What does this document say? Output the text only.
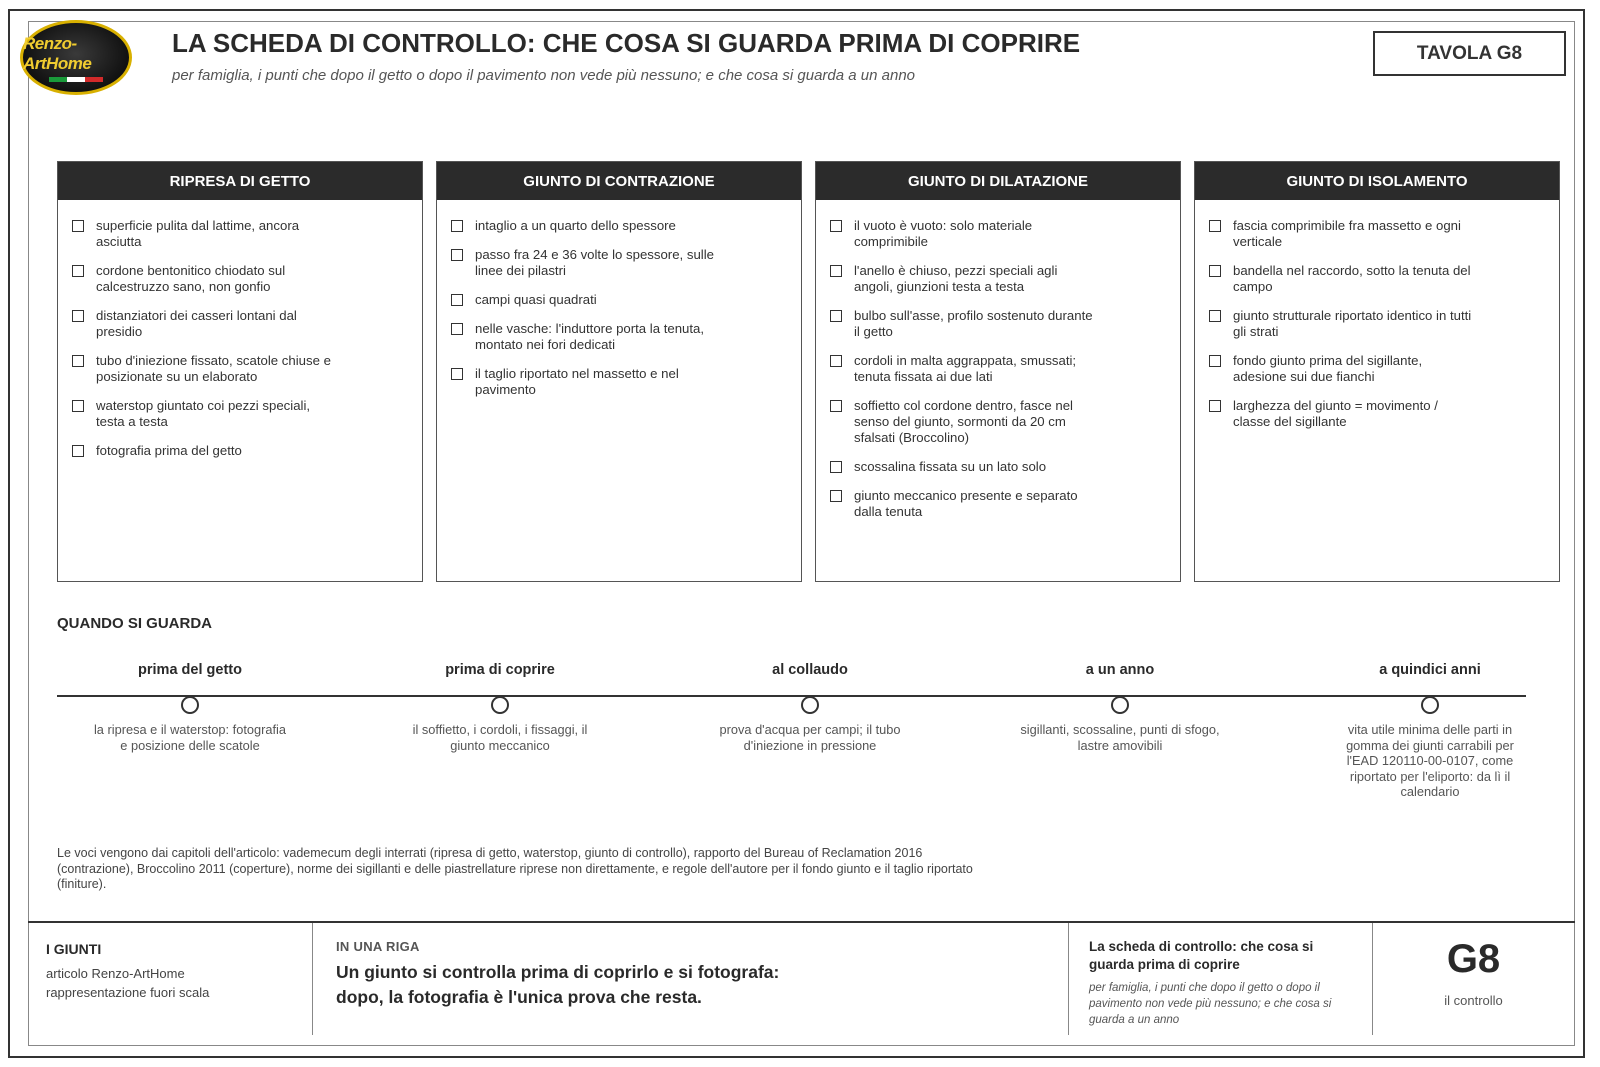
Renzo-ArtHome
LA SCHEDA DI CONTROLLO: CHE COSA SI GUARDA PRIMA DI COPRIRE
per famiglia, i punti che dopo il getto o dopo il pavimento non vede più nessuno; e che cosa si guarda a un anno
TAVOLA G8
RIPRESA DI GETTO
superficie pulita dal lattime, ancora asciutta
cordone bentonitico chiodato sul calcestruzzo sano, non gonfio
distanziatori dei casseri lontani dal presidio
tubo d'iniezione fissato, scatole chiuse e posizionate su un elaborato
waterstop giuntato coi pezzi speciali, testa a testa
fotografia prima del getto
GIUNTO DI CONTRAZIONE
intaglio a un quarto dello spessore
passo fra 24 e 36 volte lo spessore, sulle linee dei pilastri
campi quasi quadrati
nelle vasche: l'induttore porta la tenuta, montato nei fori dedicati
il taglio riportato nel massetto e nel pavimento
GIUNTO DI DILATAZIONE
il vuoto è vuoto: solo materiale comprimibile
l'anello è chiuso, pezzi speciali agli angoli, giunzioni testa a testa
bulbo sull'asse, profilo sostenuto durante il getto
cordoli in malta aggrappata, smussati; tenuta fissata ai due lati
soffietto col cordone dentro, fasce nel senso del giunto, sormonti da 20 cm sfalsati (Broccolino)
scossalina fissata su un lato solo
giunto meccanico presente e separato dalla tenuta
GIUNTO DI ISOLAMENTO
fascia comprimibile fra massetto e ogni verticale
bandella nel raccordo, sotto la tenuta del campo
giunto strutturale riportato identico in tutti gli strati
fondo giunto prima del sigillante, adesione sui due fianchi
larghezza del giunto = movimento / classe del sigillante
QUANDO SI GUARDA
prima del getto
la ripresa e il waterstop: fotografia e posizione delle scatole
prima di coprire
il soffietto, i cordoli, i fissaggi, il giunto meccanico
al collaudo
prova d'acqua per campi; il tubo d'iniezione in pressione
a un anno
sigillanti, scossaline, punti di sfogo, lastre amovibili
a quindici anni
vita utile minima delle parti in gomma dei giunti carrabili per l'EAD 120110-00-0107, come riportato per l'eliporto: da lì il calendario
Le voci vengono dai capitoli dell'articolo: vademecum degli interrati (ripresa di getto, waterstop, giunto di controllo), rapporto del Bureau of Reclamation 2016 (contrazione), Broccolino 2011 (coperture), norme dei sigillanti e delle piastrellature riprese non direttamente, e regole dell'autore per il fondo giunto e il taglio riportato (finiture).
I GIUNTI
articolo Renzo-ArtHome
rappresentazione fuori scala
IN UNA RIGA
Un giunto si controlla prima di coprirlo e si fotografa: dopo, la fotografia è l'unica prova che resta.
La scheda di controllo: che cosa si guarda prima di coprire
per famiglia, i punti che dopo il getto o dopo il pavimento non vede più nessuno; e che cosa si guarda a un anno
G8
il controllo
